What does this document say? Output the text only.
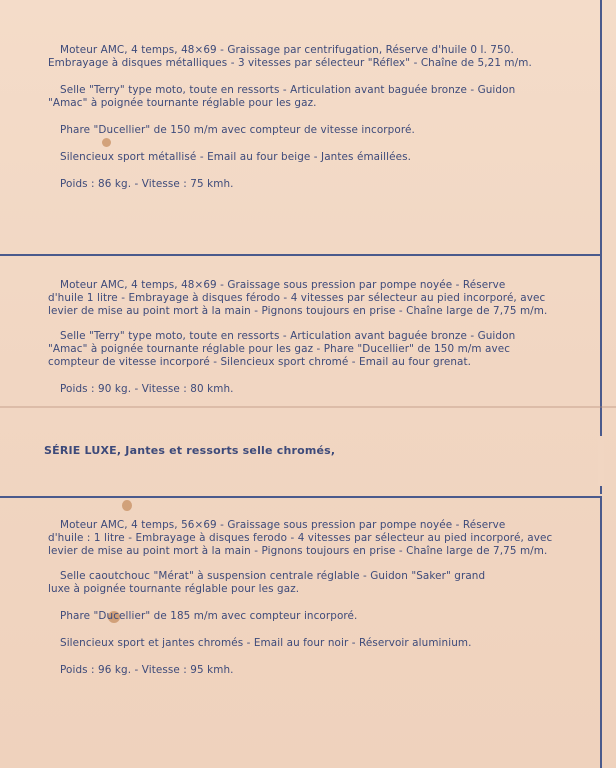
Moteur AMC, 4 temps, 48×69 - Graissage par centrifugation, Réserve d'huile 0 l. 750.

Embrayage à disques métalliques - 3 vitesses par sélecteur "Réflex" - Chaîne de 5,21 m/m.

Selle "Terry" type moto, toute en ressorts - Articulation avant baguée bronze - Guidon

"Amac" à poignée tournante réglable pour les gaz.

Phare "Ducellier" de 150 m/m avec compteur de vitesse incorporé.

Silencieux sport métallisé - Email au four beige - Jantes émaillées.

Poids : 86 kg. - Vitesse : 75 kmh.

Moteur AMC, 4 temps, 48×69 - Graissage sous pression par pompe noyée - Réserve

d'huile 1 litre - Embrayage à disques férodo - 4 vitesses par sélecteur au pied incorporé, avec

levier de mise au point mort à la main - Pignons toujours en prise - Chaîne large de 7,75 m/m.

Selle "Terry" type moto, toute en ressorts - Articulation avant baguée bronze - Guidon

"Amac" à poignée tournante réglable pour les gaz - Phare "Ducellier" de 150 m/m avec

compteur de vitesse incorporé - Silencieux sport chromé - Email au four grenat.

Poids : 90 kg. - Vitesse : 80 kmh.

SÉRIE LUXE, Jantes et ressorts selle chromés,

Moteur AMC, 4 temps, 56×69 - Graissage sous pression par pompe noyée - Réserve

d'huile : 1 litre - Embrayage à disques ferodo - 4 vitesses par sélecteur au pied incorporé, avec

levier de mise au point mort à la main - Pignons toujours en prise - Chaîne large de 7,75 m/m.

Selle caoutchouc "Mérat" à suspension centrale réglable - Guidon "Saker" grand

luxe à poignée tournante réglable pour les gaz.

Phare "Ducellier" de 185 m/m avec compteur incorporé.

Silencieux sport et jantes chromés - Email au four noir - Réservoir aluminium.

Poids : 96 kg. - Vitesse : 95 kmh.
